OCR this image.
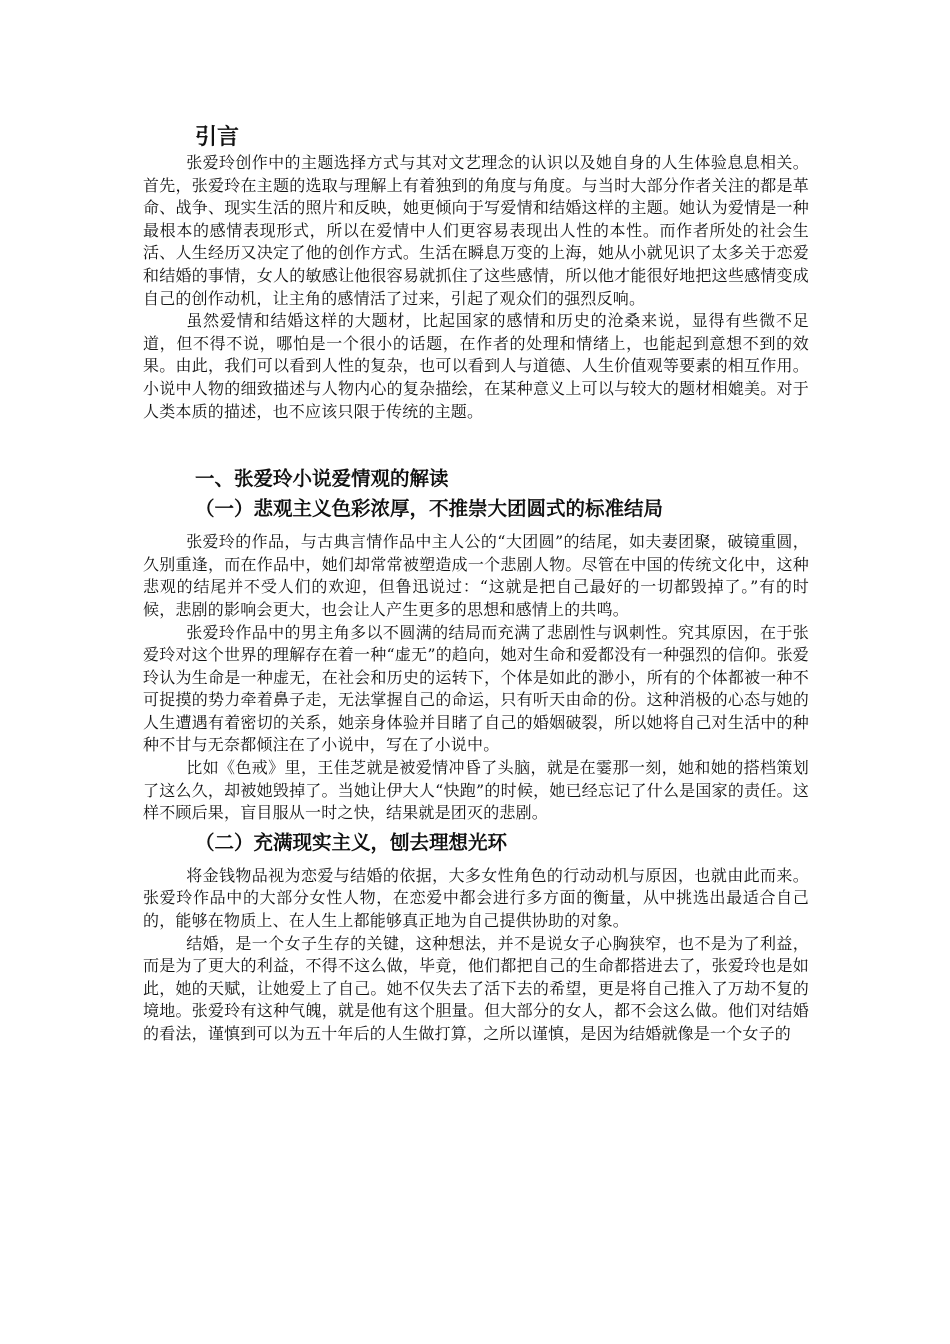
引言

张爱玲创作中的主题选择方式与其对文艺理念的认识以及她自身的人生体验息息相关。首先，张爱玲在主题的选取与理解上有着独到的角度与角度。与当时大部分作者关注的都是革命、战争、现实生活的照片和反映，她更倾向于写爱情和结婚这样的主题。她认为爱情是一种最根本的感情表现形式，所以在爱情中人们更容易表现出人性的本性。而作者所处的社会生活、人生经历又决定了他的创作方式。生活在瞬息万变的上海，她从小就见识了太多关于恋爱和结婚的事情，女人的敏感让他很容易就抓住了这些感情，所以他才能很好地把这些感情变成自己的创作动机，让主角的感情活了过来，引起了观众们的强烈反响。

虽然爱情和结婚这样的大题材，比起国家的感情和历史的沧桑来说，显得有些微不足道，但不得不说，哪怕是一个很小的话题，在作者的处理和情绪上，也能起到意想不到的效果。由此，我们可以看到人性的复杂，也可以看到人与道德、人生价值观等要素的相互作用。小说中人物的细致描述与人物内心的复杂描绘，在某种意义上可以与较大的题材相媲美。对于人类本质的描述，也不应该只限于传统的主题。

一、张爱玲小说爱情观的解读
（一）悲观主义色彩浓厚，不推崇大团圆式的标准结局

张爱玲的作品，与古典言情作品中主人公的“大团圆”的结尾，如夫妻团聚，破镜重圆，久别重逢，而在作品中，她们却常常被塑造成一个悲剧人物。尽管在中国的传统文化中，这种悲观的结尾并不受人们的欢迎，但鲁迅说过：“这就是把自己最好的一切都毁掉了。”有的时候，悲剧的影响会更大，也会让人产生更多的思想和感情上的共鸣。

张爱玲作品中的男主角多以不圆满的结局而充满了悲剧性与讽刺性。究其原因，在于张爱玲对这个世界的理解存在着一种“虚无”的趋向，她对生命和爱都没有一种强烈的信仰。张爱玲认为生命是一种虚无，在社会和历史的运转下，个体是如此的渺小，所有的个体都被一种不可捉摸的势力牵着鼻子走，无法掌握自己的命运，只有听天由命的份。这种消极的心态与她的人生遭遇有着密切的关系，她亲身体验并目睹了自己的婚姻破裂，所以她将自己对生活中的种种不甘与无奈都倾注在了小说中，写在了小说中。

比如《色戒》里，王佳芝就是被爱情冲昏了头脑，就是在霎那一刻，她和她的搭档策划了这么久，却被她毁掉了。当她让伊大人“快跑”的时候，她已经忘记了什么是国家的责任。这样不顾后果，盲目服从一时之快，结果就是团灭的悲剧。

（二）充满现实主义，刨去理想光环

将金钱物品视为恋爱与结婚的依据，大多女性角色的行动动机与原因，也就由此而来。张爱玲作品中的大部分女性人物，在恋爱中都会进行多方面的衡量，从中挑选出最适合自己的，能够在物质上、在人生上都能够真正地为自己提供协助的对象。

结婚，是一个女子生存的关键，这种想法，并不是说女子心胸狭窄，也不是为了利益，而是为了更大的利益，不得不这么做，毕竟，他们都把自己的生命都搭进去了，张爱玲也是如此，她的天赋，让她爱上了自己。她不仅失去了活下去的希望，更是将自己推入了万劫不复的境地。张爱玲有这种气魄，就是他有这个胆量。但大部分的女人，都不会这么做。他们对结婚的看法，谨慎到可以为五十年后的人生做打算，之所以谨慎，是因为结婚就像是一个女子的
